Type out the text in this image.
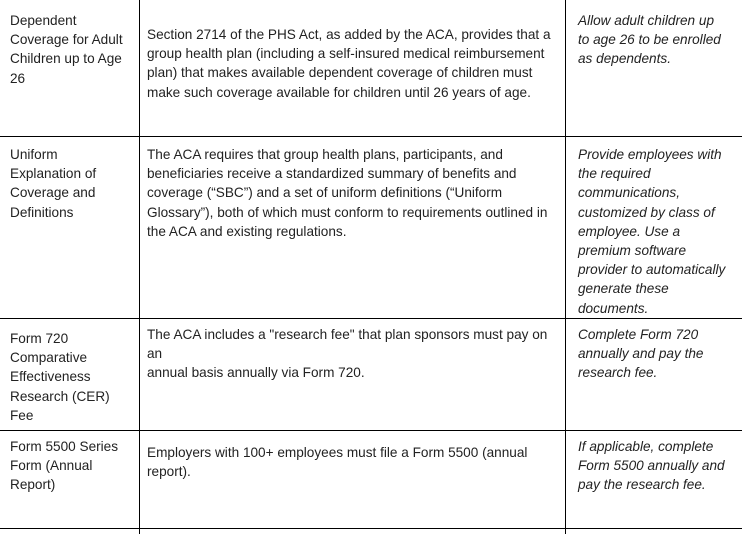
Dependent
Coverage for Adult
Children up to Age
26

Section 2714 of the PHS Act, as added by the ACA, provides that a
group health plan (including a self-insured medical reimbursement
plan) that makes available dependent coverage of children must
make such coverage available for children until 26 years of age.

Allow adult children up
to age 26 to be enrolled
as dependents.

Uniform
Explanation of
Coverage and
Definitions

The ACA requires that group health plans, participants, and
beneficiaries receive a standardized summary of benefits and
coverage (“SBC”) and a set of uniform definitions (“Uniform
Glossary”), both of which must conform to requirements outlined in
the ACA and existing regulations.

Provide employees with
the required
communications,
customized by class of
employee. Use a
premium software
provider to automatically
generate these
documents.

Form 720
Comparative
Effectiveness
Research (CER)
Fee

The ACA includes a "research fee" that plan sponsors must pay on an
annual basis annually via Form 720.

Complete Form 720
annually and pay the
research fee.

Form 5500 Series
Form (Annual
Report)

Employers with 100+ employees must file a Form 5500 (annual
report).

If applicable, complete
Form 5500 annually and
pay the research fee.
